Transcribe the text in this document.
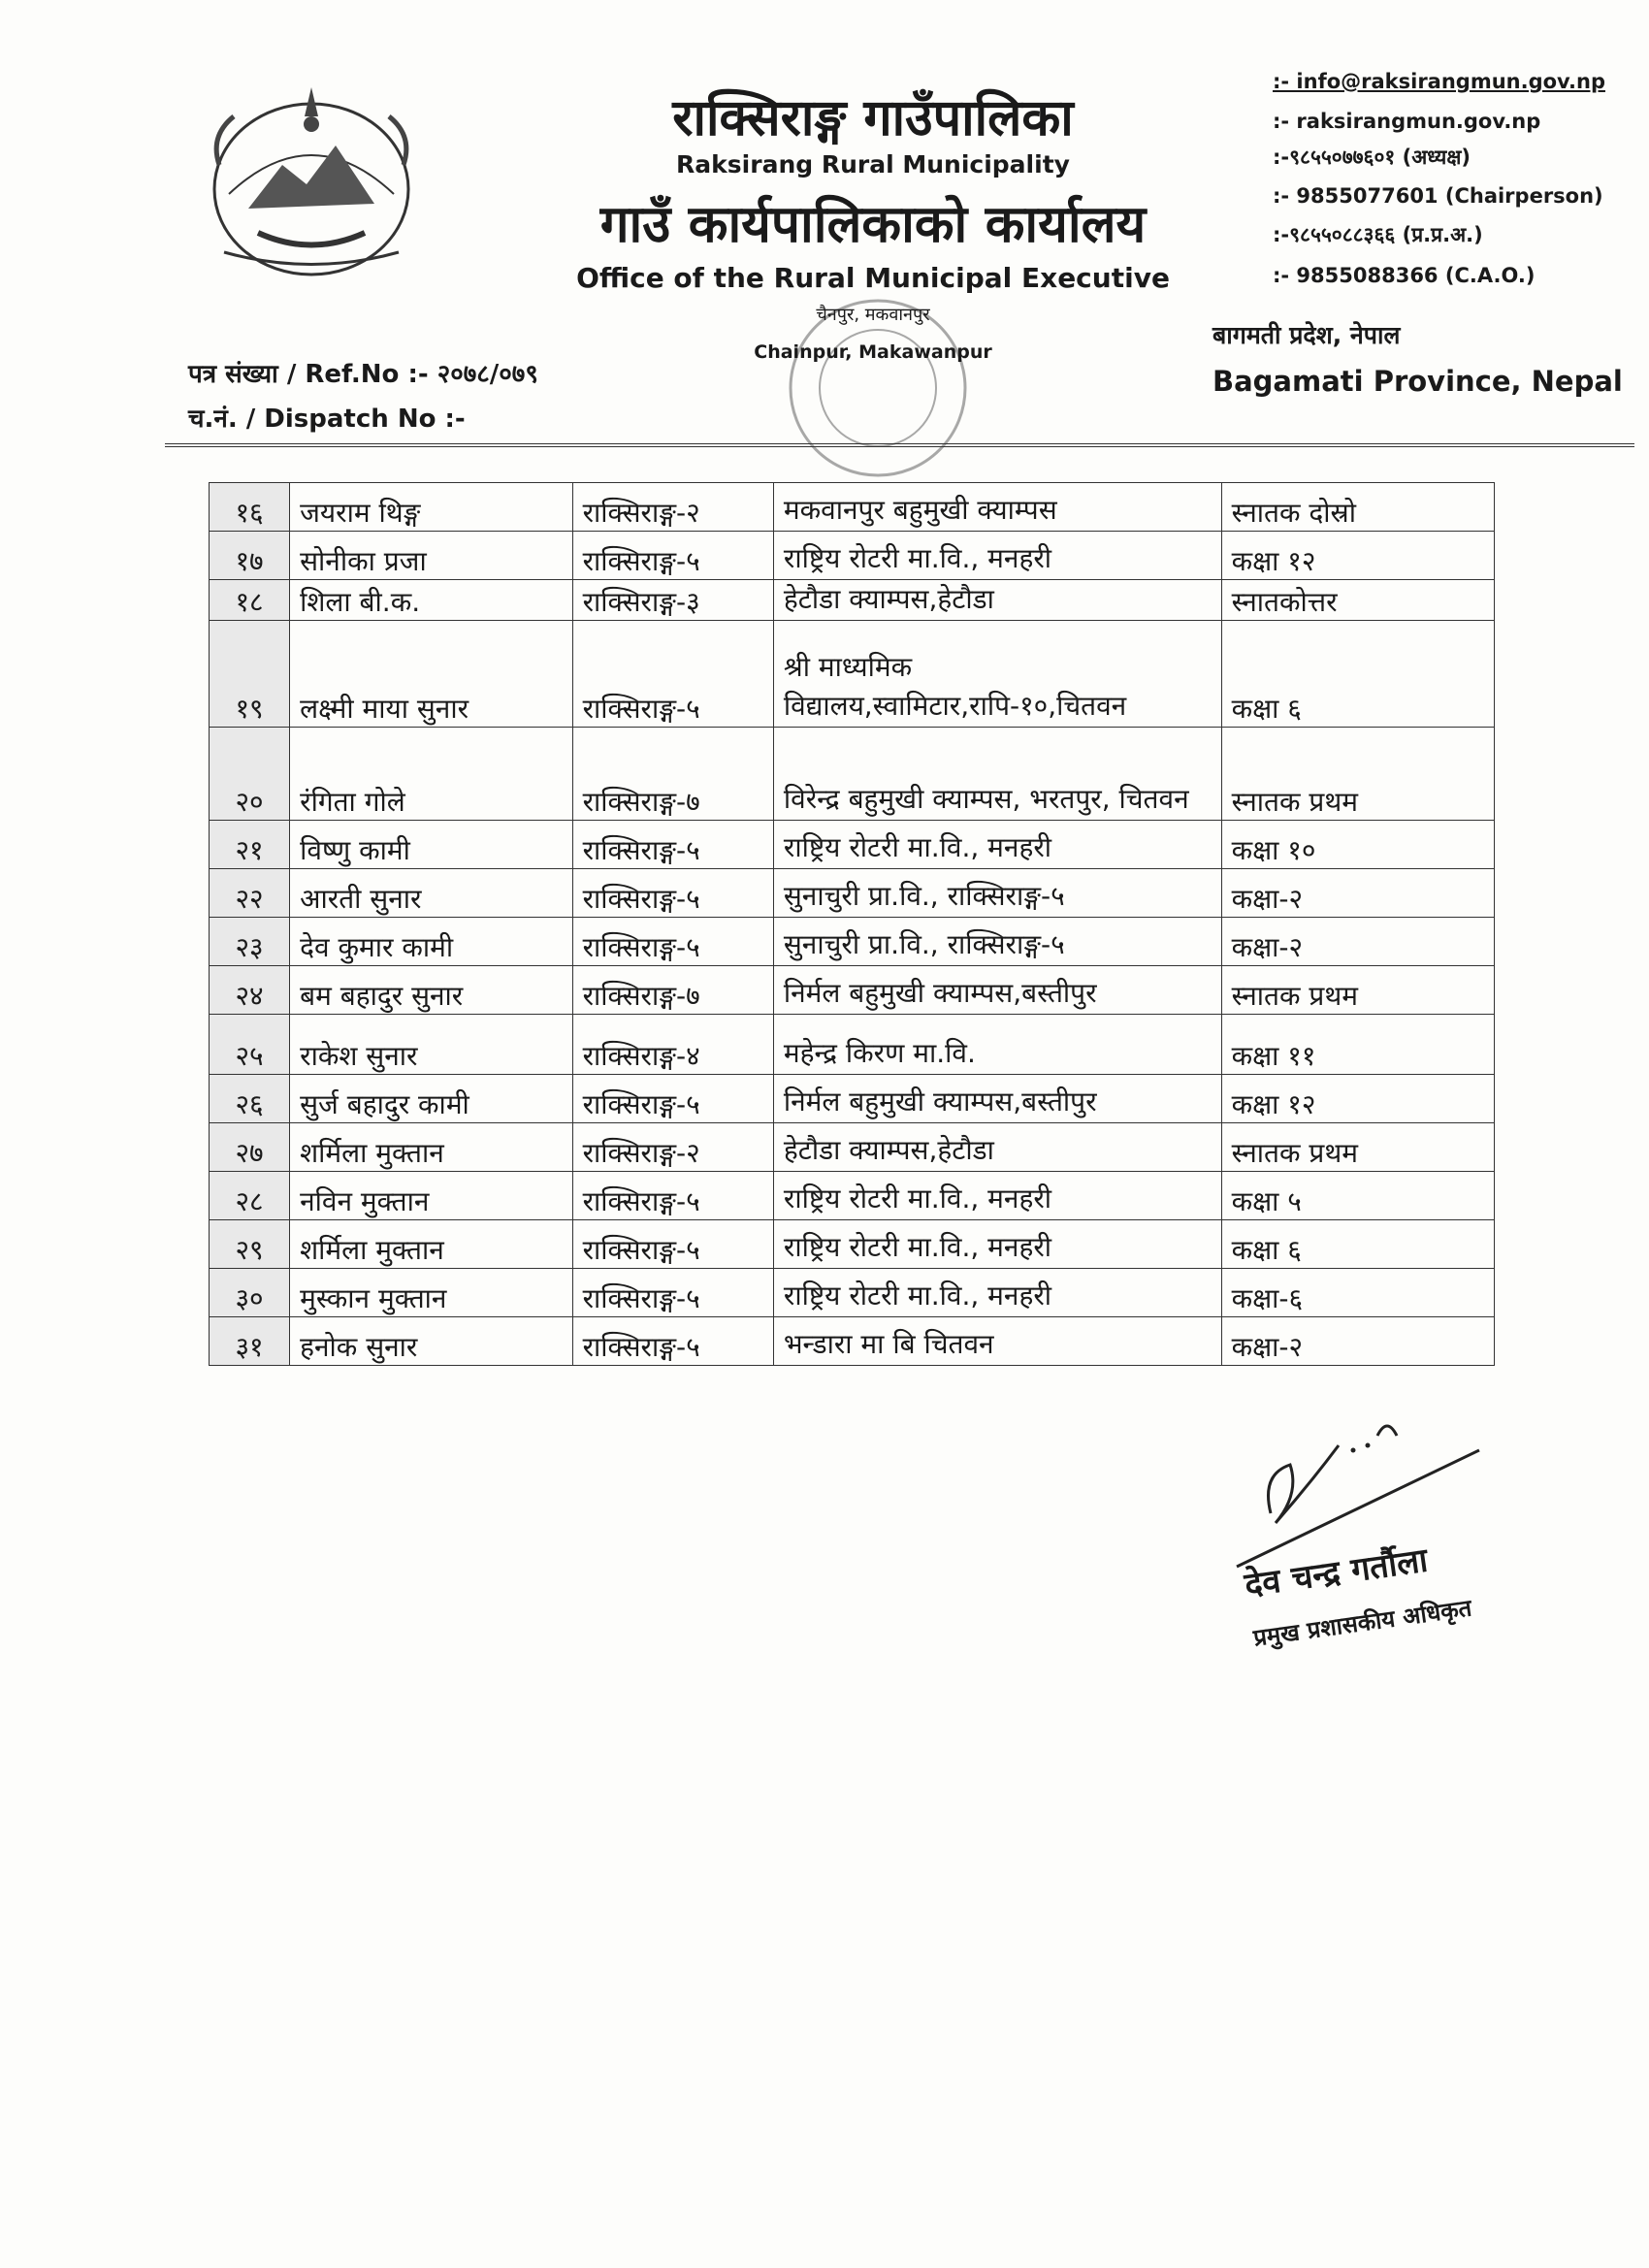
राक्सिराङ्ग गाउँपालिका
Raksirang Rural Municipality
गाउँ कार्यपालिकाको कार्यालय
Office of the Rural Municipal Executive
चैनपुर, मकवानपुर
Chainpur, Makawanpur
:- info@raksirangmun.gov.np
:- raksirangmun.gov.np
:-९८५५०७७६०१ (अध्यक्ष)
:- 9855077601 (Chairperson)
:-९८५५०८८३६६ (प्र.प्र.अ.)
:- 9855088366 (C.A.O.)
बागमती प्रदेश, नेपाल
Bagamati Province, Nepal
पत्र संख्या / Ref.No :- २०७८/०७९
च.नं. / Dispatch No :-
१६	जयराम थिङ्ग	राक्सिराङ्ग-२	मकवानपुर बहुमुखी क्याम्पस	स्नातक दोस्रो
१७	सोनीका प्रजा	राक्सिराङ्ग-५	राष्ट्रिय रोटरी मा.वि., मनहरी	कक्षा १२
१८	शिला बी.क.	राक्सिराङ्ग-३	हेटौडा क्याम्पस,हेटौडा	स्नातकोत्तर
१९	लक्ष्मी माया सुनार	राक्सिराङ्ग-५	श्री माध्यमिक विद्यालय,स्वामिटार,रापि-१०,चितवन	कक्षा ६
२०	रंगिता गोले	राक्सिराङ्ग-७	विरेन्द्र बहुमुखी क्याम्पस, भरतपुर, चितवन	स्नातक प्रथम
२१	विष्णु कामी	राक्सिराङ्ग-५	राष्ट्रिय रोटरी मा.वि., मनहरी	कक्षा १०
२२	आरती सुनार	राक्सिराङ्ग-५	सुनाचुरी प्रा.वि., राक्सिराङ्ग-५	कक्षा-२
२३	देव कुमार कामी	राक्सिराङ्ग-५	सुनाचुरी प्रा.वि., राक्सिराङ्ग-५	कक्षा-२
२४	बम बहादुर सुनार	राक्सिराङ्ग-७	निर्मल बहुमुखी क्याम्पस,बस्तीपुर	स्नातक प्रथम
२५	राकेश सुनार	राक्सिराङ्ग-४	महेन्द्र किरण मा.वि.	कक्षा ११
२६	सुर्ज बहादुर कामी	राक्सिराङ्ग-५	निर्मल बहुमुखी क्याम्पस,बस्तीपुर	कक्षा १२
२७	शर्मिला मुक्तान	राक्सिराङ्ग-२	हेटौडा क्याम्पस,हेटौडा	स्नातक प्रथम
२८	नविन मुक्तान	राक्सिराङ्ग-५	राष्ट्रिय रोटरी मा.वि., मनहरी	कक्षा ५
२९	शर्मिला मुक्तान	राक्सिराङ्ग-५	राष्ट्रिय रोटरी मा.वि., मनहरी	कक्षा ६
३०	मुस्कान मुक्तान	राक्सिराङ्ग-५	राष्ट्रिय रोटरी मा.वि., मनहरी	कक्षा-६
३१	हनोक सुनार	राक्सिराङ्ग-५	भन्डारा मा बि चितवन	कक्षा-२
देव चन्द्र गर्तौला
प्रमुख प्रशासकीय अधिकृत
